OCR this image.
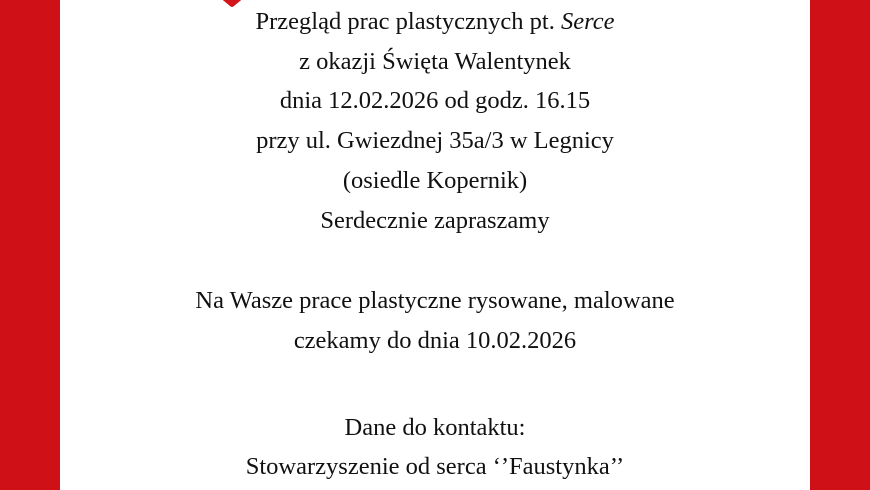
Przegląd prac plastycznych pt. Serce
z okazji Święta Walentynek
dnia 12.02.2026 od godz. 16.15
przy ul. Gwiezdnej 35a/3 w Legnicy
(osiedle Kopernik)
Serdecznie zapraszamy
Na Wasze prace plastyczne rysowane, malowane
czekamy do dnia 10.02.2026
Dane do kontaktu:
Stowarzyszenie od serca ‘’Faustynka’’
